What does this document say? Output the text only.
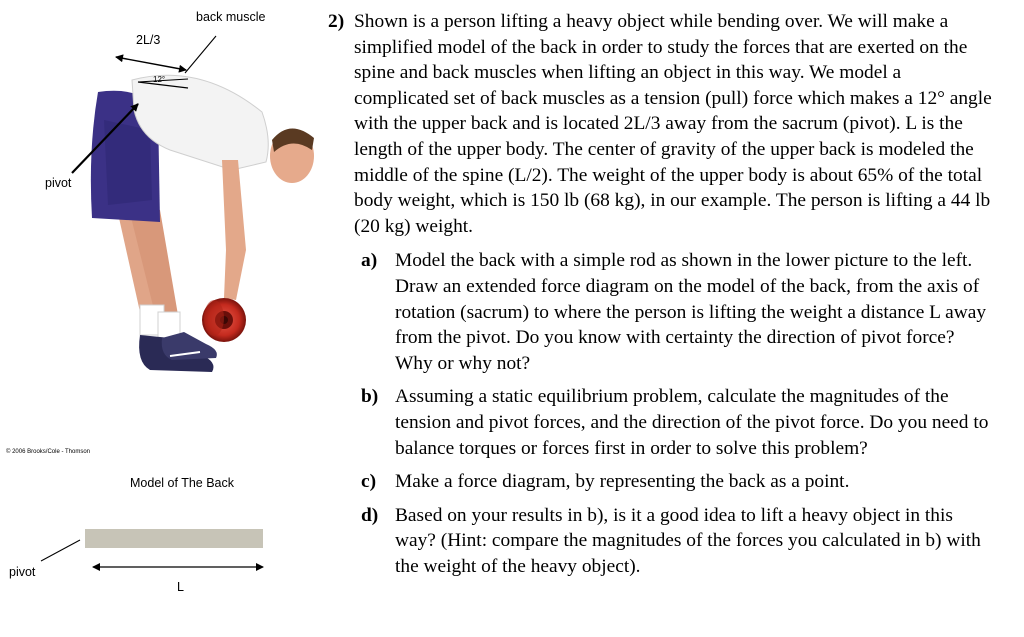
back muscle
2L/3
12°
pivot
© 2006 Brooks/Cole - Thomson
Model of The Back
pivot
L
2) Shown is a person lifting a heavy object while bending over. We will make a simplified model of the back in order to study the forces that are exerted on the spine and back muscles when lifting an object in this way. We model a complicated set of back muscles as a tension (pull) force which makes a 12° angle with the upper back and is located 2L/3 away from the sacrum (pivot). L is the length of the upper body. The center of gravity of the upper back is modeled the middle of the spine (L/2). The weight of the upper body is about 65% of the total body weight, which is 150 lb (68 kg), in our example. The person is lifting a 44 lb (20 kg) weight.
a) Model the back with a simple rod as shown in the lower picture to the left. Draw an extended force diagram on the model of the back, from the axis of rotation (sacrum) to where the person is lifting the weight a distance L away from the pivot. Do you know with certainty the direction of pivot force? Why or why not?
b) Assuming a static equilibrium problem, calculate the magnitudes of the tension and pivot forces, and the direction of the pivot force. Do you need to balance torques or forces first in order to solve this problem?
c) Make a force diagram, by representing the back as a point.
d) Based on your results in b), is it a good idea to lift a heavy object in this way? (Hint: compare the magnitudes of the forces you calculated in b) with the weight of the heavy object).
